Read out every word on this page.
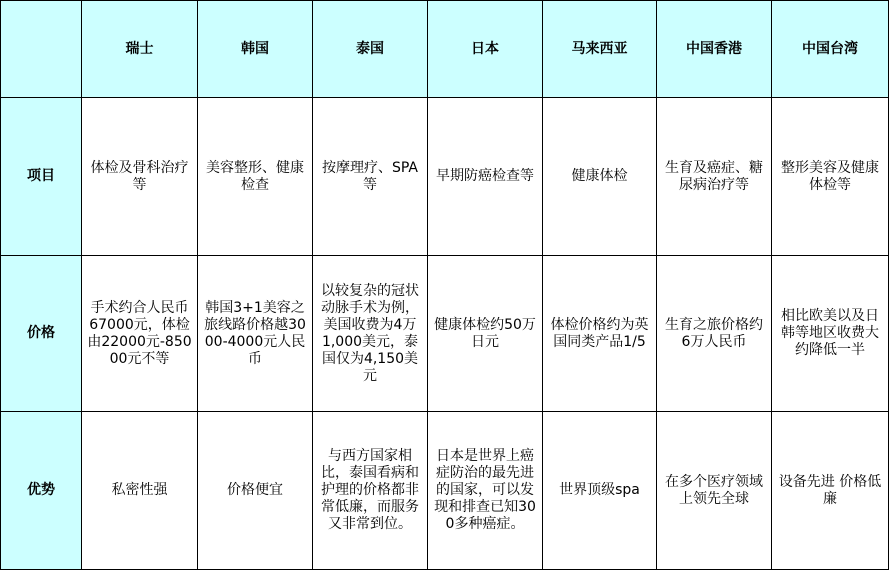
	瑞士	韩国	泰国	日本	马来西亚	中国香港	中国台湾
项目	体检及骨科治疗等	美容整形、健康检查	按摩理疗、SPA等	早期防癌检查等	健康体检	生育及癌症、糖尿病治疗等	整形美容及健康体检等
价格	手术约合人民币67000元，体检由22000元-85000元不等	韩国3+1美容之旅线路价格越3000-4000元人民币	以较复杂的冠状动脉手术为例，美国收费为4万1,000美元，泰国仅为4,150美元	健康体检约50万日元	体检价格约为英国同类产品1/5	生育之旅价格约6万人民币	相比欧美以及日韩等地区收费大约降低一半
优势	私密性强	价格便宜	与西方国家相比，泰国看病和护理的价格都非常低廉，而服务又非常到位。	日本是世界上癌症防治的最先进的国家，可以发现和排查已知300多种癌症。	世界顶级spa	在多个医疗领域上领先全球	设备先进 价格低廉
